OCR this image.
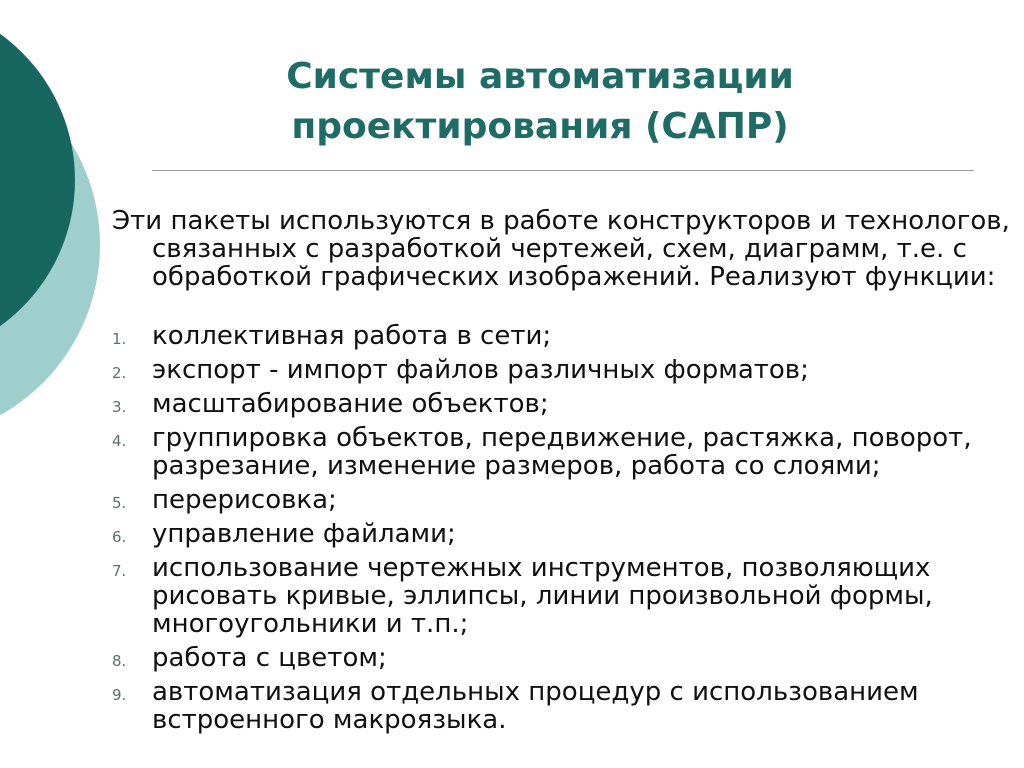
Системы автоматизации
проектирования (САПР)

Эти пакеты используются в работе конструкторов и технологов, связанных с разработкой чертежей, схем, диаграмм, т.е. с обработкой графических изображений. Реализуют функции:

1. коллективная работа в сети;
2. экспорт - импорт файлов различных форматов;
3. масштабирование объектов;
4. группировка объектов, передвижение, растяжка, поворот, разрезание, изменение размеров, работа со слоями;
5. перерисовка;
6. управление файлами;
7. использование чертежных инструментов, позволяющих рисовать кривые, эллипсы, линии произвольной формы, многоугольники и т.п.;
8. работа с цветом;
9. автоматизация отдельных процедур с использованием встроенного макроязыка.
